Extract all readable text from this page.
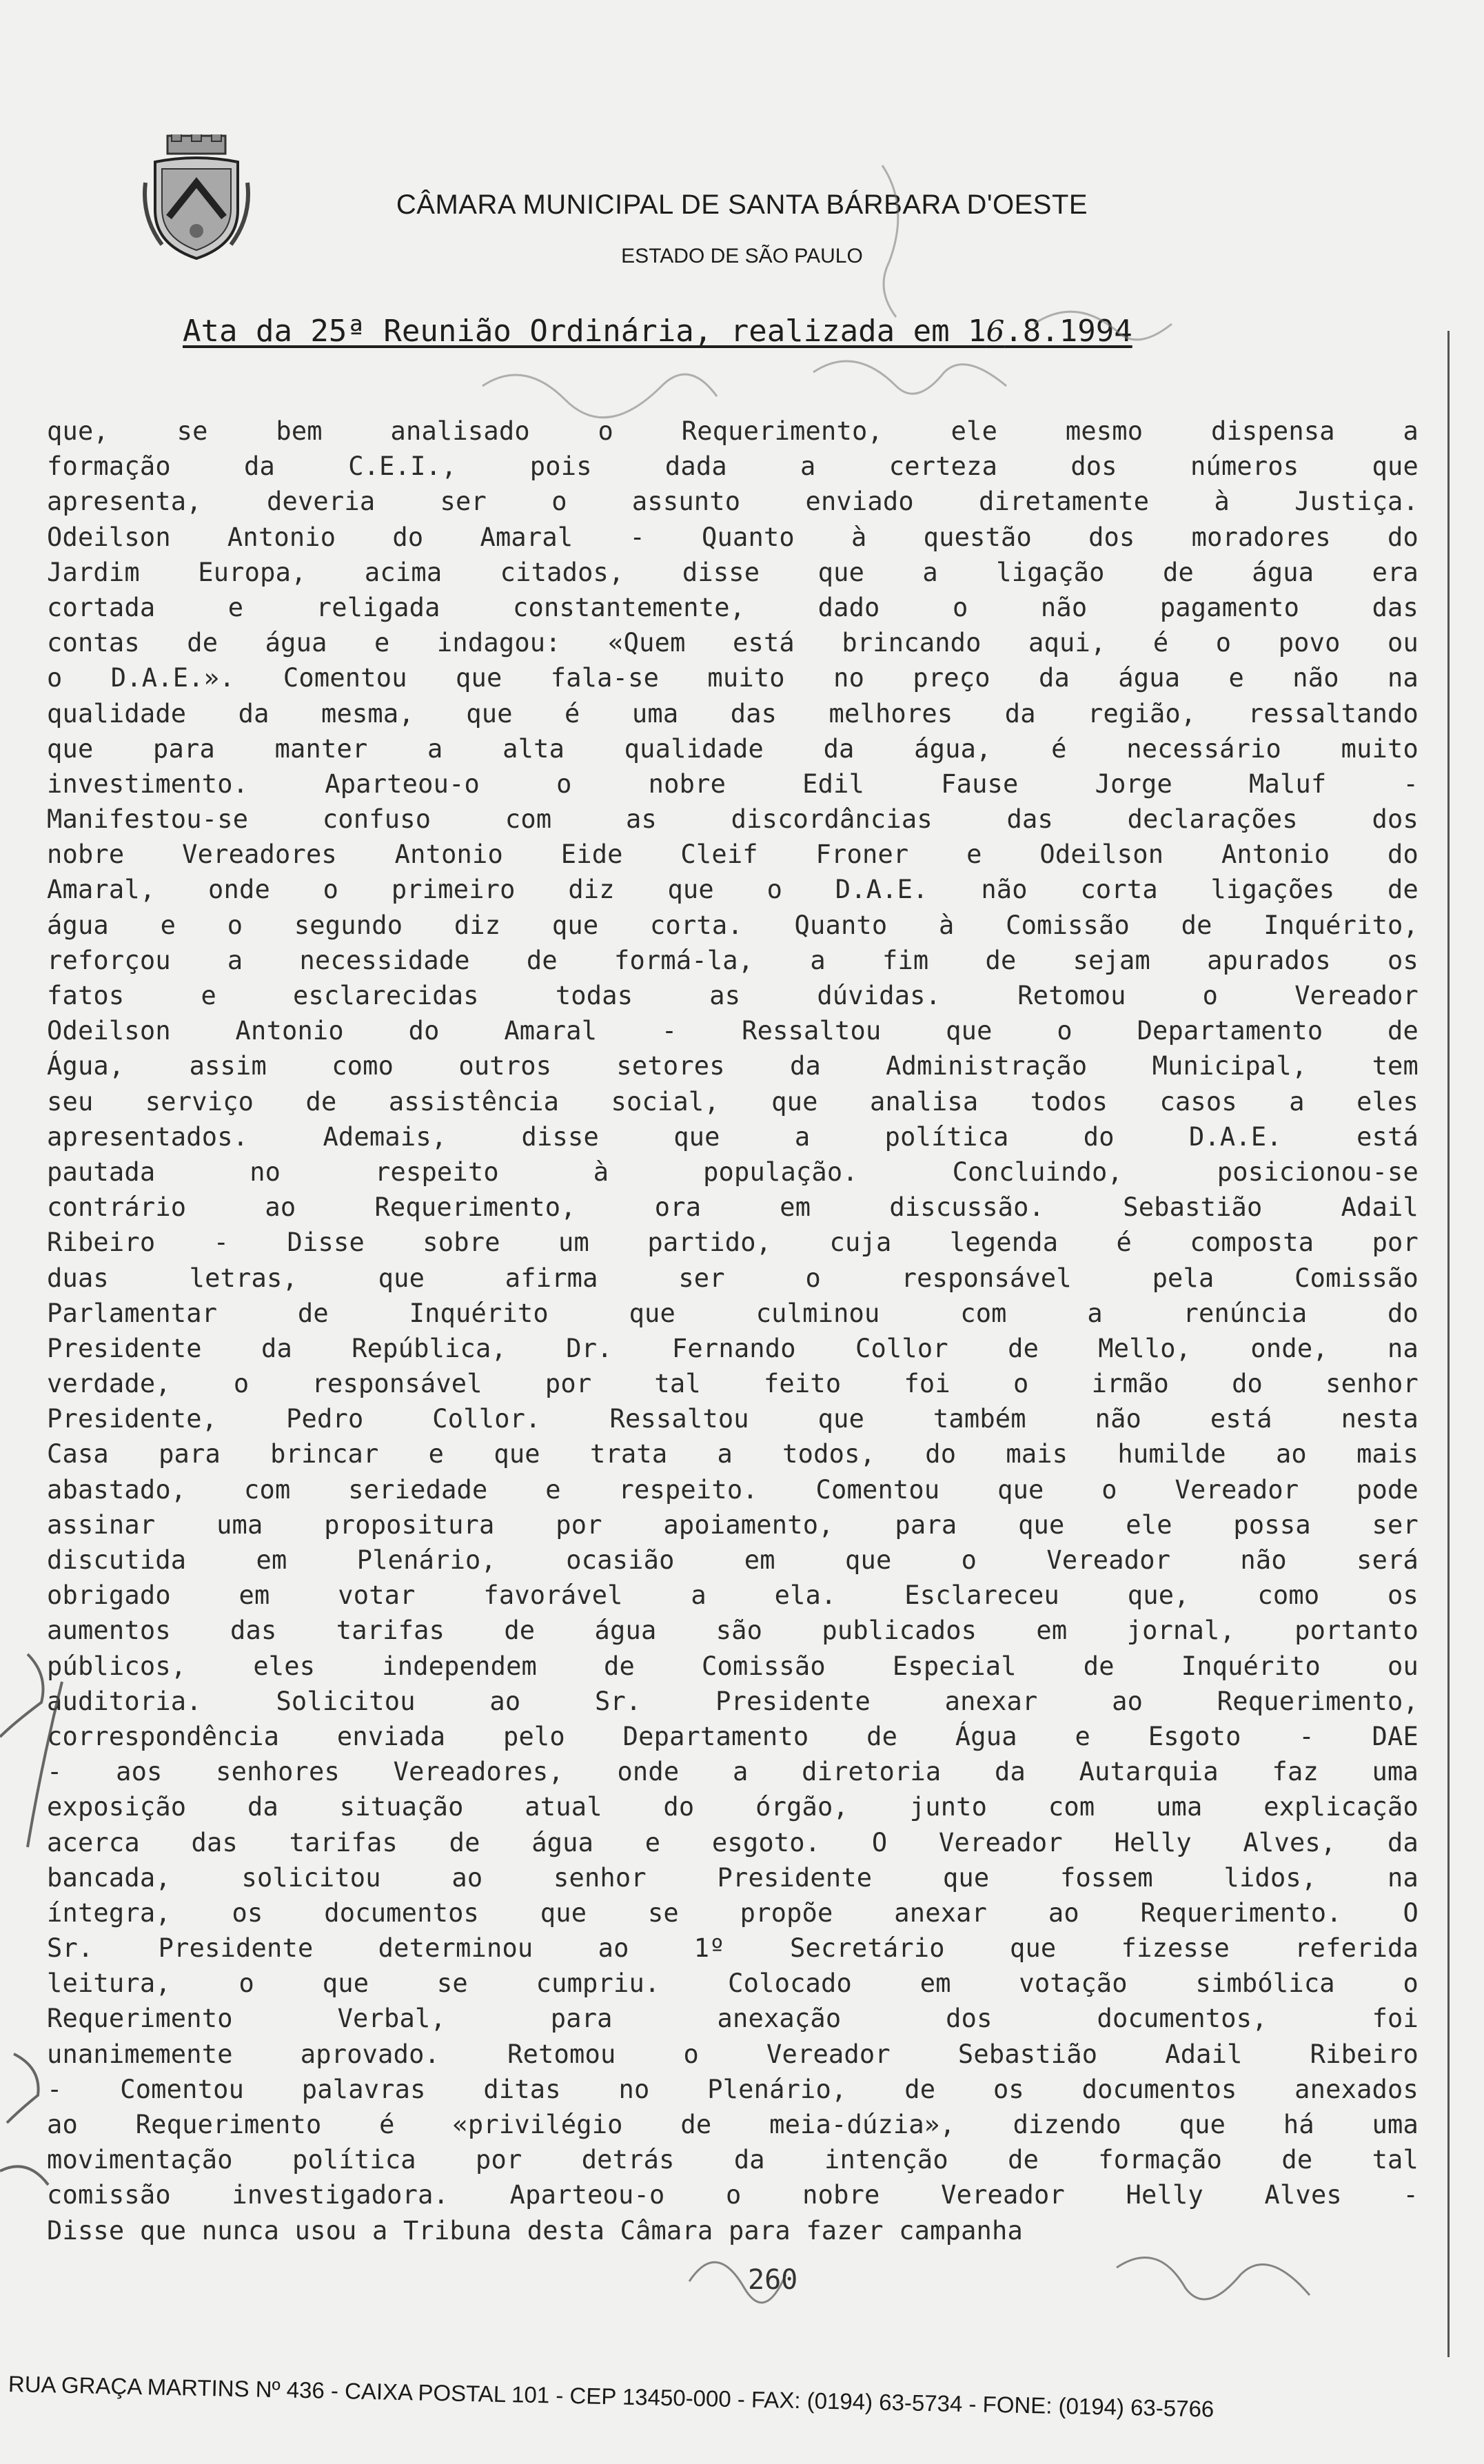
CÂMARA MUNICIPAL DE SANTA BÁRBARA D'OESTE
ESTADO DE SÃO PAULO
Ata da 25ª Reunião Ordinária, realizada em 16.8.1994
que, se bem analisado o Requerimento, ele mesmo dispensa a
formação da C.E.I., pois dada a certeza dos números que
apresenta, deveria ser o assunto enviado diretamente à Justiça.
Odeilson Antonio do Amaral - Quanto à questão dos moradores do
Jardim Europa, acima citados, disse que a ligação de água era
cortada e religada constantemente, dado o não pagamento das
contas de água e indagou: «Quem está brincando aqui, é o povo ou
o D.A.E.». Comentou que fala-se muito no preço da água e não na
qualidade da mesma, que é uma das melhores da região, ressaltando
que para manter a alta qualidade da água, é necessário muito
investimento. Aparteou-o o nobre Edil Fause Jorge Maluf -
Manifestou-se confuso com as discordâncias das declarações dos
nobre Vereadores Antonio Eide Cleif Froner e Odeilson Antonio do
Amaral, onde o primeiro diz que o D.A.E. não corta ligações de
água e o segundo diz que corta. Quanto à Comissão de Inquérito,
reforçou a necessidade de formá-la, a fim de sejam apurados os
fatos e esclarecidas todas as dúvidas. Retomou o Vereador
Odeilson Antonio do Amaral - Ressaltou que o Departamento de
Água, assim como outros setores da Administração Municipal, tem
seu serviço de assistência social, que analisa todos casos a eles
apresentados. Ademais, disse que a política do D.A.E. está
pautada no respeito à população. Concluindo, posicionou-se
contrário ao Requerimento, ora em discussão. Sebastião Adail
Ribeiro - Disse sobre um partido, cuja legenda é composta por
duas letras, que afirma ser o responsável pela Comissão
Parlamentar de Inquérito que culminou com a renúncia do
Presidente da República, Dr. Fernando Collor de Mello, onde, na
verdade, o responsável por tal feito foi o irmão do senhor
Presidente, Pedro Collor. Ressaltou que também não está nesta
Casa para brincar e que trata a todos, do mais humilde ao mais
abastado, com seriedade e respeito. Comentou que o Vereador pode
assinar uma propositura por apoiamento, para que ele possa ser
discutida em Plenário, ocasião em que o Vereador não será
obrigado em votar favorável a ela. Esclareceu que, como os
aumentos das tarifas de água são publicados em jornal, portanto
públicos, eles independem de Comissão Especial de Inquérito ou
auditoria. Solicitou ao Sr. Presidente anexar ao Requerimento,
correspondência enviada pelo Departamento de Água e Esgoto - DAE
- aos senhores Vereadores, onde a diretoria da Autarquia faz uma
exposição da situação atual do órgão, junto com uma explicação
acerca das tarifas de água e esgoto. O Vereador Helly Alves, da
bancada, solicitou ao senhor Presidente que fossem lidos, na
íntegra, os documentos que se propõe anexar ao Requerimento. O
Sr. Presidente determinou ao 1º Secretário que fizesse referida
leitura, o que se cumpriu. Colocado em votação simbólica o
Requerimento Verbal, para anexação dos documentos, foi
unanimemente aprovado. Retomou o Vereador Sebastião Adail Ribeiro
- Comentou palavras ditas no Plenário, de os documentos anexados
ao Requerimento é «privilégio de meia-dúzia», dizendo que há uma
movimentação política por detrás da intenção de formação de tal
comissão investigadora. Aparteou-o o nobre Vereador Helly Alves -
Disse que nunca usou a Tribuna desta Câmara para fazer campanha
260
RUA GRAÇA MARTINS Nº 436 - CAIXA POSTAL 101 - CEP 13450-000 - FAX: (0194) 63-5734 - FONE: (0194) 63-5766
